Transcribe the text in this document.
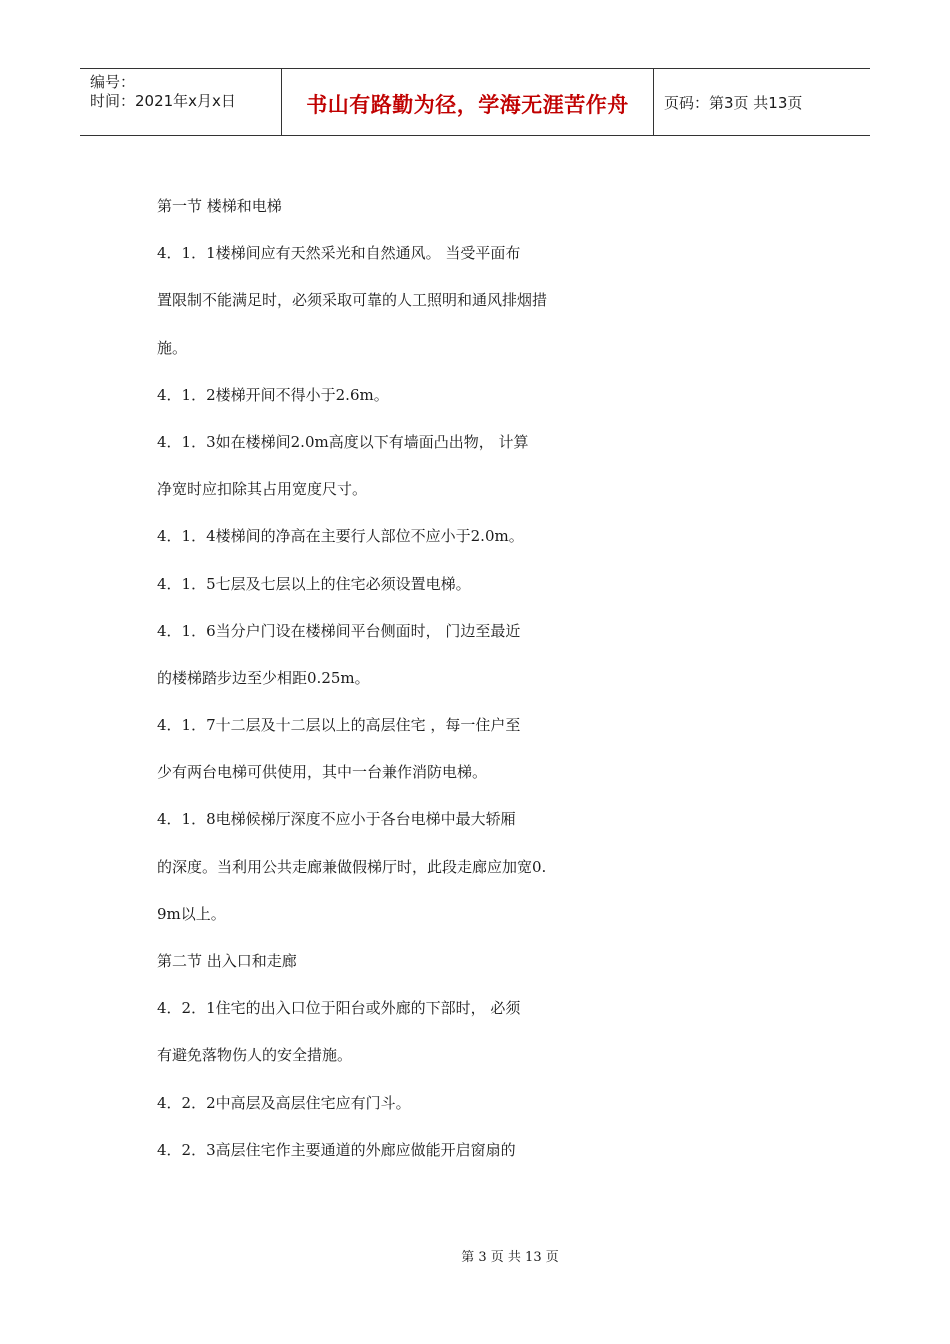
编号：
时间：2021年x月x日	书山有路勤为径，学海无涯苦作舟 页码：第3页 共13页
第一节 楼梯和电梯
4．1．1楼梯间应有天然采光和自然通风。 当受平面布
置限制不能满足时，必须采取可靠的人工照明和通风排烟措
施。
4．1．2楼梯开间不得小于2.6m。
4．1．3如在楼梯间2.0m高度以下有墙面凸出物， 计算
净宽时应扣除其占用宽度尺寸。
4．1．4楼梯间的净高在主要行人部位不应小于2.0m。
4．1．5七层及七层以上的住宅必须设置电梯。
4．1．6当分户门设在楼梯间平台侧面时， 门边至最近
的楼梯踏步边至少相距0.25m。
4．1．7十二层及十二层以上的高层住宅 ，每一住户至
少有两台电梯可供使用，其中一台兼作消防电梯。
4．1．8电梯候梯厅深度不应小于各台电梯中最大轿厢
的深度。当利用公共走廊兼做假梯厅时，此段走廊应加宽0.
9m以上。
第二节 出入口和走廊
4．2．1住宅的出入口位于阳台或外廊的下部时， 必须
有避免落物伤人的安全措施。
4．2．2中高层及高层住宅应有门斗。
4．2．3高层住宅作主要通道的外廊应做能开启窗扇的
第 3 页 共 13 页
